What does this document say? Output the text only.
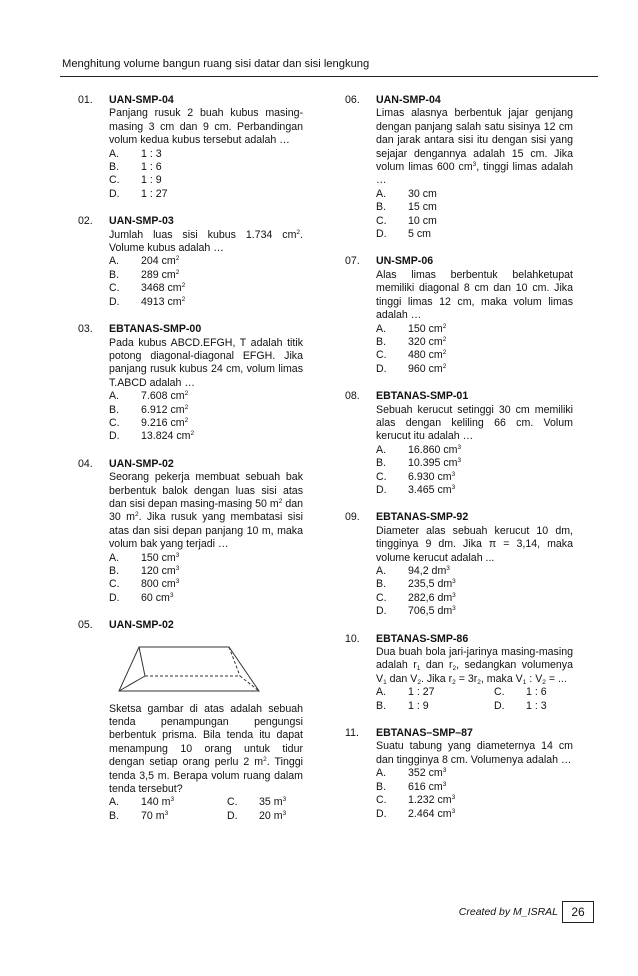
Menghitung volume bangun ruang sisi datar dan sisi lengkung
01. UAN-SMP-04
Panjang rusuk 2 buah kubus masing-masing 3 cm dan 9 cm. Perbandingan volum kedua kubus tersebut adalah …
A.	1 : 3
B.	1 : 6
C.	1 : 9
D.	1 : 27
02. UAN-SMP-03
Jumlah luas sisi kubus 1.734 $cm^2$. Volume kubus adalah …
A.	204 $cm^2$
B.	289 $cm^2$
C.	3468 $cm^2$
D.	4913 $cm^2$
03. EBTANAS-SMP-00
Pada kubus ABCD.EFGH, T adalah titik potong diagonal-diagonal EFGH. Jika panjang rusuk kubus 24 cm, volum limas T.ABCD adalah …
A.	7.608 $cm^2$
B.	6.912 $cm^2$
C.	9.216 $cm^2$
D.	13.824 $cm^2$
04. UAN-SMP-02
Seorang pekerja membuat sebuah bak berbentuk balok dengan luas sisi atas dan sisi depan masing-masing 50 $m^2$ dan 30 $m^2$. Jika rusuk yang membatasi sisi atas dan sisi depan panjang 10 m, maka volum bak yang terjadi …
A.	150 $cm^3$
B.	120 $cm^3$
C.	800 $cm^3$
D.	60 $cm^3$
05. UAN-SMP-02
Sketsa gambar di atas adalah sebuah tenda penampungan pengungsi berbentuk prisma. Bila tenda itu dapat menampung 10 orang untuk tidur dengan setiap orang perlu 2 $m^2$. Tinggi tenda 3,5 m. Berapa volum ruang dalam tenda tersebut?
A.	140 $m^3$	C.	35 $m^3$
B.	70 $m^3$	D.	20 $m^3$
06. UAN-SMP-04
Limas alasnya berbentuk jajar genjang dengan panjang salah satu sisinya 12 cm dan jarak antara sisi itu dengan sisi yang sejajar dengannya adalah 15 cm. Jika volum limas 600 $cm^3$, tinggi limas adalah …
A.	30 cm
B.	15 cm
C.	10 cm
D.	5 cm
07. UN-SMP-06
Alas limas berbentuk belahketupat memiliki diagonal 8 cm dan 10 cm. Jika tinggi limas 12 cm, maka volum limas adalah …
A.	150 $cm^2$
B.	320 $cm^2$
C.	480 $cm^2$
D.	960 $cm^2$
08. EBTANAS-SMP-01
Sebuah kerucut setinggi 30 cm memiliki alas dengan keliling 66 cm. Volum kerucut itu adalah …
A.	16.860 $cm^3$
B.	10.395 $cm^3$
C.	6.930 $cm^3$
D.	3.465 $cm^3$
09. EBTANAS-SMP-92
Diameter alas sebuah kerucut 10 dm, tingginya 9 dm. Jika π = 3,14, maka volume kerucut adalah ...
A.	94,2 $dm^3$
B.	235,5 $dm^3$
C.	282,6 $dm^3$
D.	706,5 $dm^3$
10. EBTANAS-SMP-86
Dua buah bola jari-jarinya masing-masing adalah $r_1$ dan $r_2$, sedangkan volumenya $V_1$ dan $V_2$. Jika $r_2 = 3r_2$, maka $V_1$ : $V_2$ = ...
A.	1 : 27	C.	1 : 6
B.	1 : 9	D.	1 : 3
11. EBTANAS–SMP–87
Suatu tabung yang diameternya 14 cm dan tingginya 8 cm. Volumenya adalah …
A.	352 $cm^3$
B.	616 $cm^3$
C.	1.232 $cm^3$
D.	2.464 $cm^3$
Created by M_ISRAL	26
